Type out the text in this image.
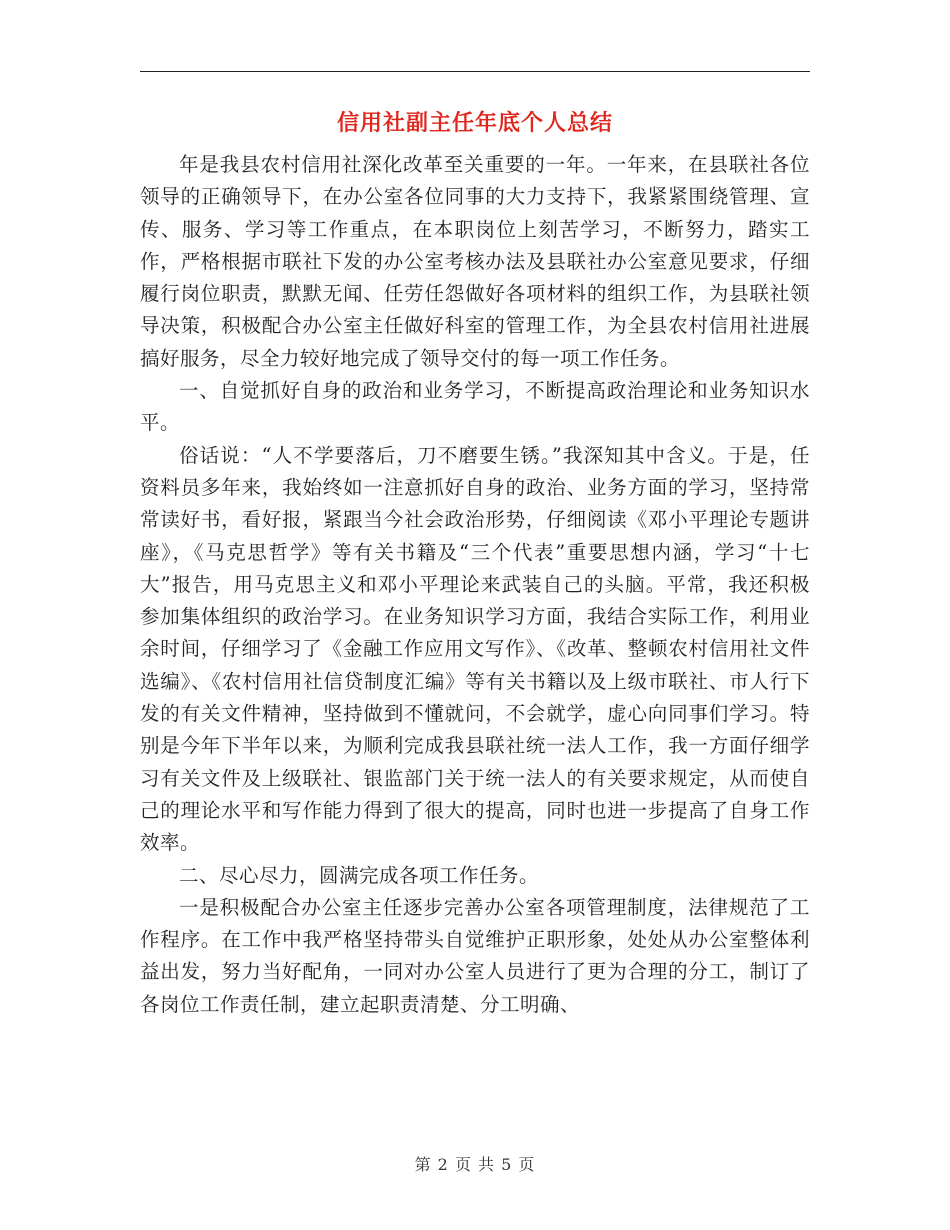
信用社副主任年底个人总结

年是我县农村信用社深化改革至关重要的一年。一年来，在县联社各位领导的正确领导下，在办公室各位同事的大力支持下，我紧紧围绕管理、宣传、服务、学习等工作重点，在本职岗位上刻苦学习，不断努力，踏实工作，严格根据市联社下发的办公室考核办法及县联社办公室意见要求，仔细履行岗位职责，默默无闻、任劳任怨做好各项材料的组织工作，为县联社领导决策，积极配合办公室主任做好科室的管理工作，为全县农村信用社进展搞好服务，尽全力较好地完成了领导交付的每一项工作任务。

一、自觉抓好自身的政治和业务学习，不断提高政治理论和业务知识水平。

俗话说：“人不学要落后，刀不磨要生锈。”我深知其中含义。于是，任资料员多年来，我始终如一注意抓好自身的政治、业务方面的学习，坚持常常读好书，看好报，紧跟当今社会政治形势，仔细阅读《邓小平理论专题讲座》，《马克思哲学》等有关书籍及“三个代表”重要思想内涵，学习“十七大”报告，用马克思主义和邓小平理论来武装自己的头脑。平常，我还积极参加集体组织的政治学习。在业务知识学习方面，我结合实际工作，利用业余时间，仔细学习了《金融工作应用文写作》、《改革、整顿农村信用社文件选编》、《农村信用社信贷制度汇编》等有关书籍以及上级市联社、市人行下发的有关文件精神，坚持做到不懂就问，不会就学，虚心向同事们学习。特别是今年下半年以来，为顺利完成我县联社统一法人工作，我一方面仔细学习有关文件及上级联社、银监部门关于统一法人的有关要求规定，从而使自己的理论水平和写作能力得到了很大的提高，同时也进一步提高了自身工作效率。

二、尽心尽力，圆满完成各项工作任务。

一是积极配合办公室主任逐步完善办公室各项管理制度，法律规范了工作程序。在工作中我严格坚持带头自觉维护正职形象，处处从办公室整体利益出发，努力当好配角，一同对办公室人员进行了更为合理的分工，制订了各岗位工作责任制，建立起职责清楚、分工明确、

第 2 页 共 5 页
